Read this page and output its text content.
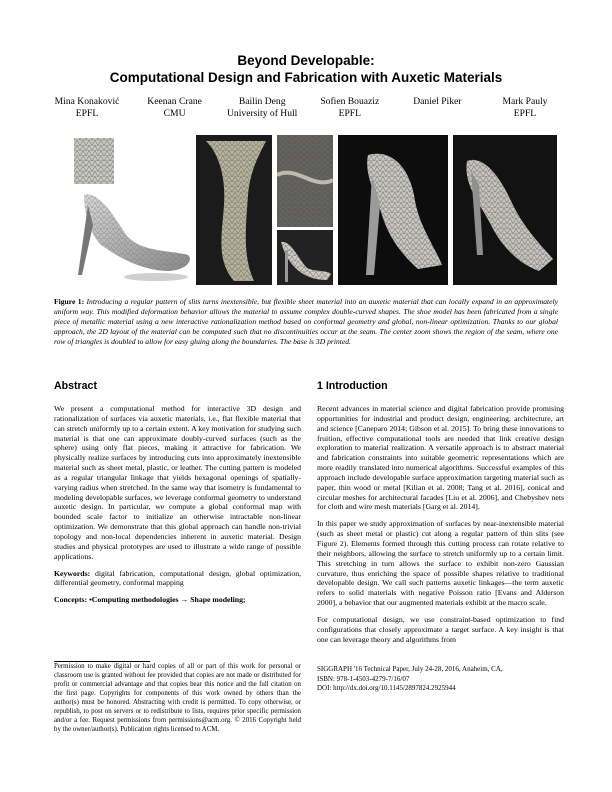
Beyond Developable:
Computational Design and Fabrication with Auxetic Materials
Mina Konaković
EPFL
Keenan Crane
CMU
Bailin Deng
University of Hull
Sofien Bouaziz
EPFL
Daniel Piker	Mark Pauly
EPFL
Figure 1: Introducing a regular pattern of slits turns inextensible, but flexible sheet material into an auxetic material that can locally expand in an approximately uniform way. This modified deformation behavior allows the material to assume complex double-curved shapes. The shoe model has been fabricated from a single piece of metallic material using a new interactive rationalization method based on conformal geometry and global, non-linear optimization. Thanks to our global approach, the 2D layout of the material can be computed such that no discontinuities occur at the seam. The center zoom shows the region of the seam, where one row of triangles is doubled to allow for easy gluing along the boundaries. The base is 3D printed.
Abstract

We present a computational method for interactive 3D design and rationalization of surfaces via auxetic materials, i.e., flat flexible material that can stretch uniformly up to a certain extent. A key motivation for studying such material is that one can approximate doubly-curved surfaces (such as the sphere) using only flat pieces, making it attractive for fabrication. We physically realize surfaces by introducing cuts into approximately inextensible material such as sheet metal, plastic, or leather. The cutting pattern is modeled as a regular triangular linkage that yields hexagonal openings of spatially-varying radius when stretched. In the same way that isometry is fundamental to modeling developable surfaces, we leverage conformal geometry to understand auxetic design. In particular, we compute a global conformal map with bounded scale factor to initialize an otherwise intractable non-linear optimization. We demonstrate that this global approach can handle non-trivial topology and non-local dependencies inherent in auxetic material. Design studies and physical prototypes are used to illustrate a wide range of possible applications.

Keywords: digital fabrication, computational design, global optimization, differential geometry, conformal mapping

Concepts: •Computing methodologies → Shape modeling;

Permission to make digital or hard copies of all or part of this work for personal or classroom use is granted without fee provided that copies are not made or distributed for profit or commercial advantage and that copies bear this notice and the full citation on the first page. Copyrights for components of this work owned by others than the author(s) must be honored. Abstracting with credit is permitted. To copy otherwise, or republish, to post on servers or to redistribute to lists, requires prior specific permission and/or a fee. Request permissions from permissions@acm.org. © 2016 Copyright held by the owner/author(s). Publication rights licensed to ACM.
1 Introduction

Recent advances in material science and digital fabrication provide promising opportunities for industrial and product design, engineering, architecture, art and science [Caneparo 2014; Gibson et al. 2015]. To bring these innovations to fruition, effective computational tools are needed that link creative design exploration to material realization. A versatile approach is to abstract material and fabrication constraints into suitable geometric representations which are more readily translated into numerical algorithms. Successful examples of this approach include developable surface approximation targeting material such as paper, thin wood or metal [Kilian et al. 2008; Tang et al. 2016], conical and circular meshes for architectural facades [Liu et al. 2006], and Chebyshev nets for cloth and wire mesh materials [Garg et al. 2014].

In this paper we study approximation of surfaces by near-inextensible material (such as sheet metal or plastic) cut along a regular pattern of thin slits (see Figure 2). Elements formed through this cutting process can rotate relative to their neighbors, allowing the surface to stretch uniformly up to a certain limit. This stretching in turn allows the surface to exhibit non-zero Gaussian curvature, thus enriching the space of possible shapes relative to traditional developable design. We call such patterns auxetic linkages—the term auxetic refers to solid materials with negative Poisson ratio [Evans and Alderson 2000], a behavior that our augmented materials exhibit at the macro scale.

For computational design, we use constraint-based optimization to find configurations that closely approximate a target surface. A key insight is that one can leverage theory and algorithms from

SIGGRAPH '16 Technical Paper, July 24-28, 2016, Anaheim, CA,
ISBN: 978-1-4503-4279-7/16/07
DOI: http://dx.doi.org/10.1145/2897824.2925944
